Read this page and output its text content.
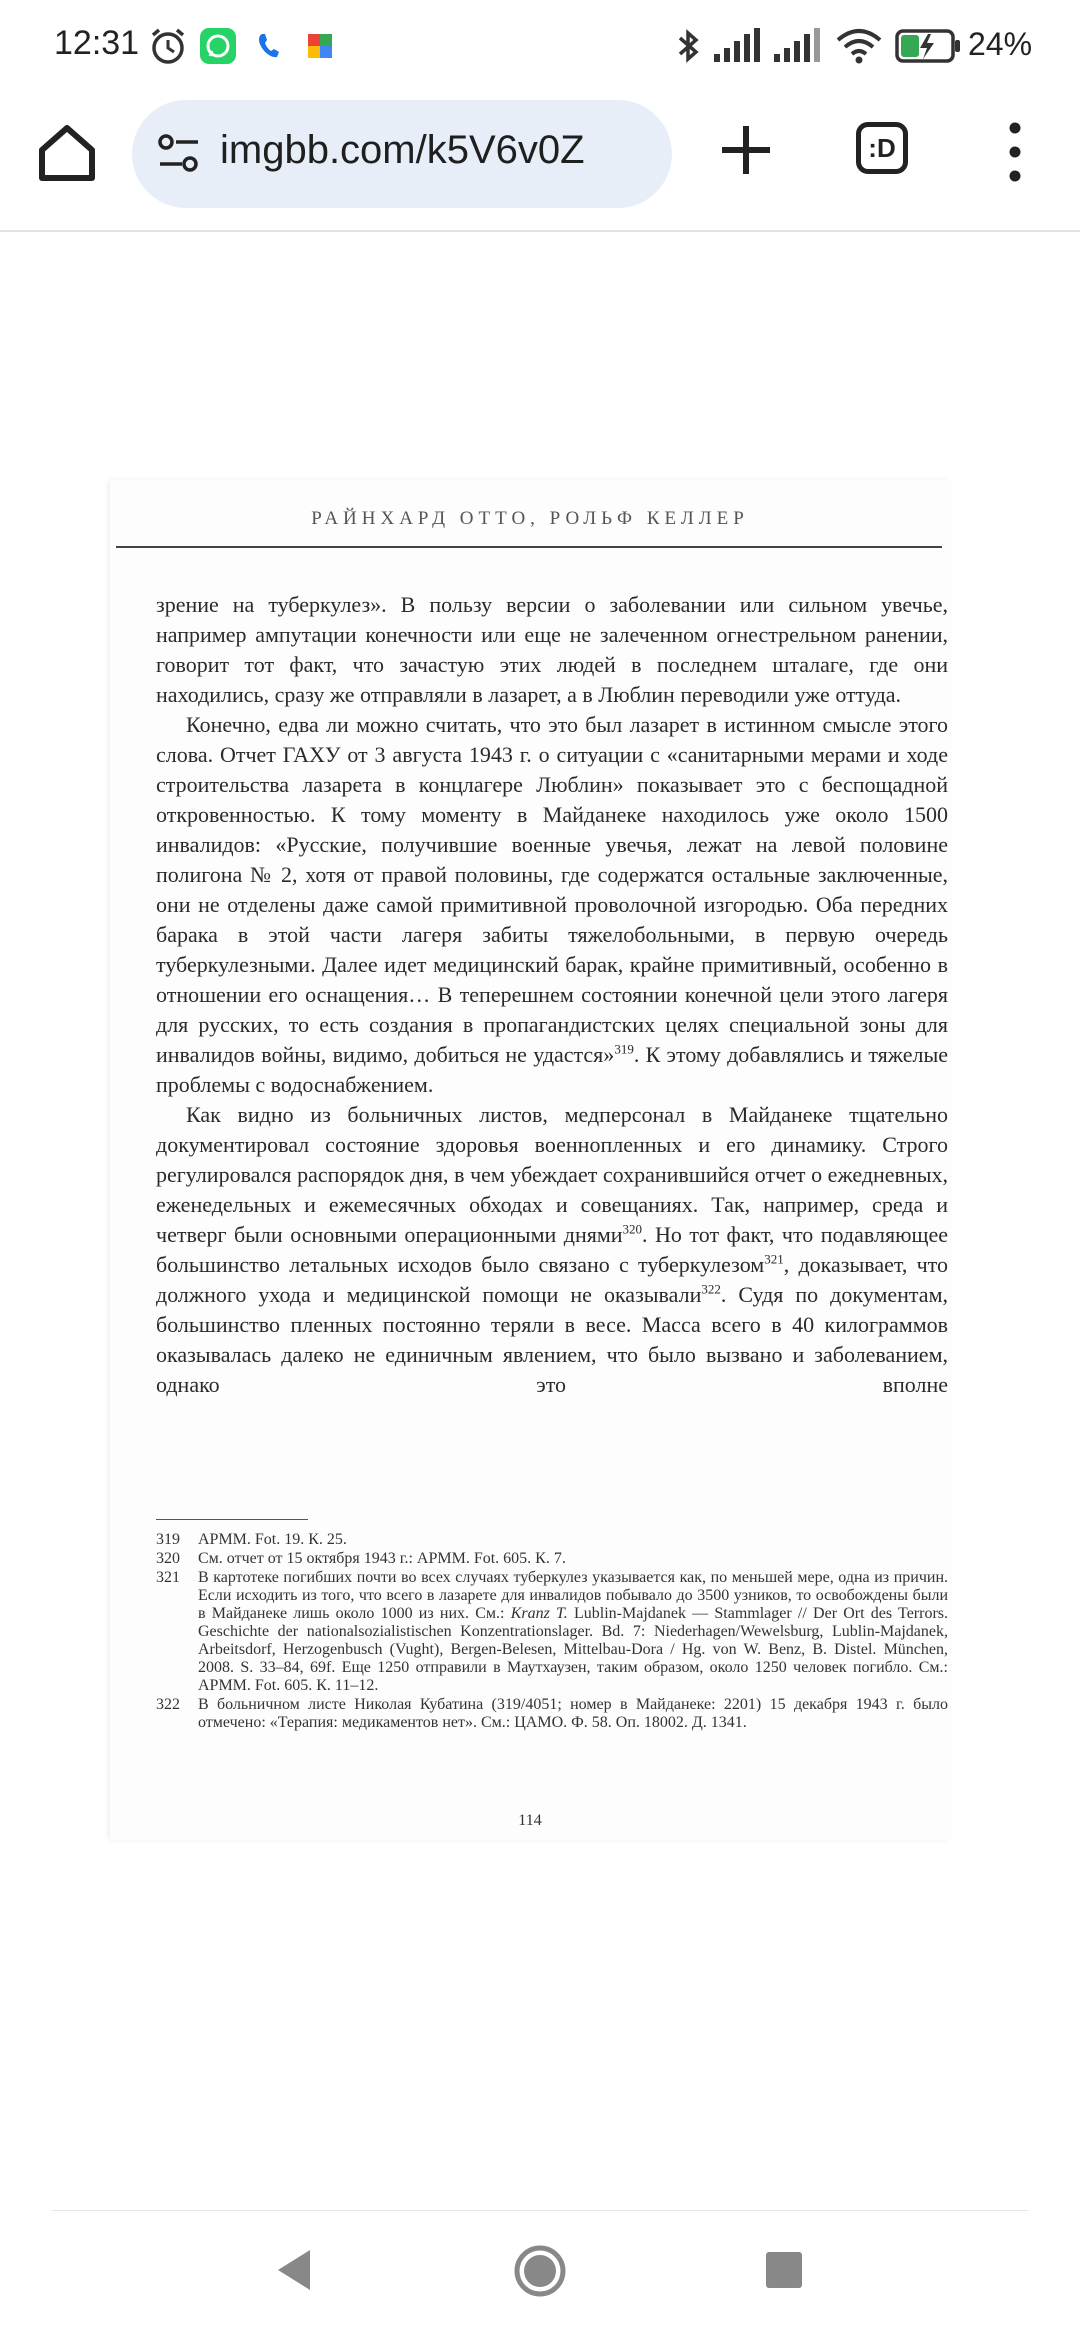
12:31	24%
imgbb.com/k5V6v0Z	:D
РАЙНХАРД ОТТО, РОЛЬФ КЕЛЛЕР

зрение на туберкулез». В пользу версии о заболевании или сильном увечье, например ампутации конечности или еще не залеченном огнестрельном ранении, говорит тот факт, что зачастую этих людей в последнем шталаге, где они находились, сразу же отправляли в лазарет, а в Люблин переводили уже оттуда.

Конечно, едва ли можно считать, что это был лазарет в истинном смысле этого слова. Отчет ГАХУ от 3 августа 1943 г. о ситуации с «санитарными мерами и ходе строительства лазарета в концлагере Люблин» показывает это с беспощадной откровенностью. К тому моменту в Майданеке находилось уже около 1500 инвалидов: «Русские, получившие военные увечья, лежат на левой половине полигона № 2, хотя от правой половины, где содержатся остальные заключенные, они не отделены даже самой примитивной проволочной изгородью. Оба передних барака в этой части лагеря забиты тяжелобольными, в первую очередь туберкулезными. Далее идет медицинский барак, крайне примитивный, особенно в отношении его оснащения… В теперешнем состоянии конечной цели этого лагеря для русских, то есть создания в пропагандистских целях специальной зоны для инвалидов войны, видимо, добиться не удастся»$^{319}$. К этому добавлялись и тяжелые проблемы с водоснабжением.

Как видно из больничных листов, медперсонал в Майданеке тщательно документировал состояние здоровья военнопленных и его динамику. Строго регулировался распорядок дня, в чем убеждает сохранившийся отчет о ежедневных, еженедельных и ежемесячных обходах и совещаниях. Так, например, среда и четверг были основными операционными днями$^{320}$. Но тот факт, что подавляющее большинство летальных исходов было связано с туберкулезом$^{321}$, доказывает, что должного ухода и медицинской помощи не оказывали$^{322}$. Судя по документам, большинство пленных постоянно теряли в весе. Масса всего в 40 килограммов оказывалась далеко не единичным явлением, что было вызвано и заболеванием, однако это вполне

319	АРММ. Fot. 19. К. 25.
320	См. отчет от 15 октября 1943 г.: АРММ. Fot. 605. К. 7.
321	В картотеке погибших почти во всех случаях туберкулез указывается как, по меньшей мере, одна из причин. Если исходить из того, что всего в лазарете для инвалидов побывало до 3500 узников, то освобождены были в Майданеке лишь около 1000 из них. См.: Kranz T. Lublin-Majdanek — Stammlager // Der Ort des Terrors. Geschichte der nationalsozialistischen Konzentrationslager. Bd. 7: Niederhagen/Wewelsburg, Lublin-Majdanek, Arbeitsdorf, Herzogenbusch (Vught), Bergen-Belesen, Mittelbau-Dora / Hg. von W. Benz, B. Distel. München, 2008. S. 33–84, 69f. Еще 1250 отправили в Маутхаузен, таким образом, около 1250 человек погибло. См.: АРММ. Fot. 605. К. 11–12.
322	В больничном листе Николая Кубатина (319/4051; номер в Майданеке: 2201) 15 декабря 1943 г. было отмечено: «Терапия: медикаментов нет». См.: ЦАМО. Ф. 58. Оп. 18002. Д. 1341.
114
